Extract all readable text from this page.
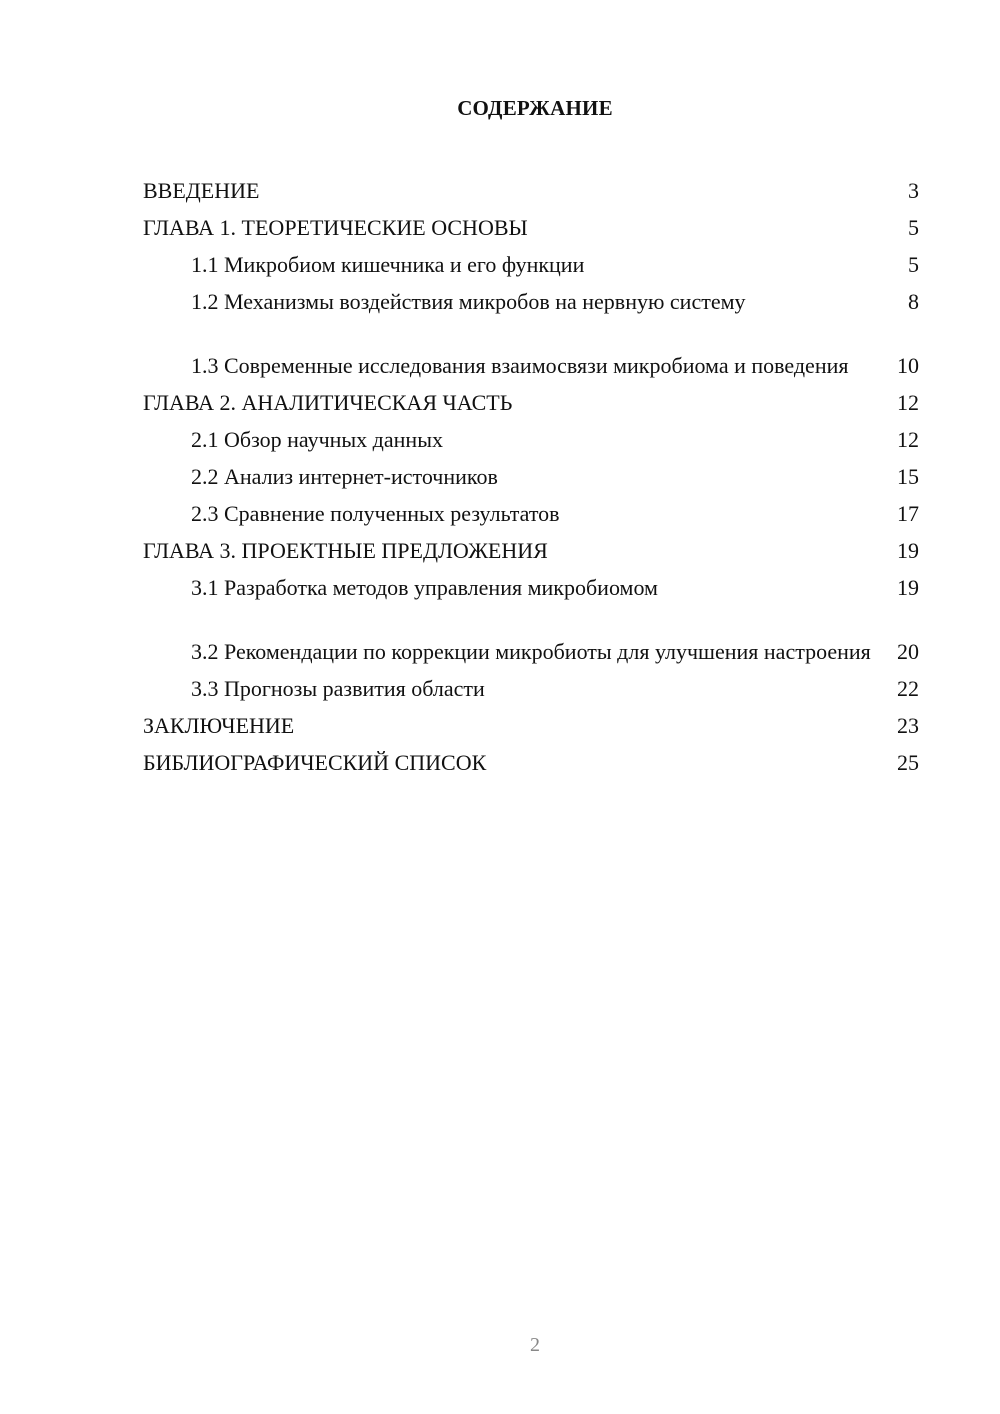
СОДЕРЖАНИЕ
ВВЕДЕНИЕ	3
ГЛАВА 1. ТЕОРЕТИЧЕСКИЕ ОСНОВЫ	5
1.1 Микробиом кишечника и его функции	5
1.2 Механизмы воздействия микробов на нервную систему	8
1.3 Современные исследования взаимосвязи микробиома и поведения	10
ГЛАВА 2. АНАЛИТИЧЕСКАЯ ЧАСТЬ	12
2.1 Обзор научных данных	12
2.2 Анализ интернет-источников	15
2.3 Сравнение полученных результатов	17
ГЛАВА 3. ПРОЕКТНЫЕ ПРЕДЛОЖЕНИЯ	19
3.1 Разработка методов управления микробиомом	19
3.2 Рекомендации по коррекции микробиоты для улучшения настроения	20
3.3 Прогнозы развития области	22
ЗАКЛЮЧЕНИЕ	23
БИБЛИОГРАФИЧЕСКИЙ СПИСОК	25
2
